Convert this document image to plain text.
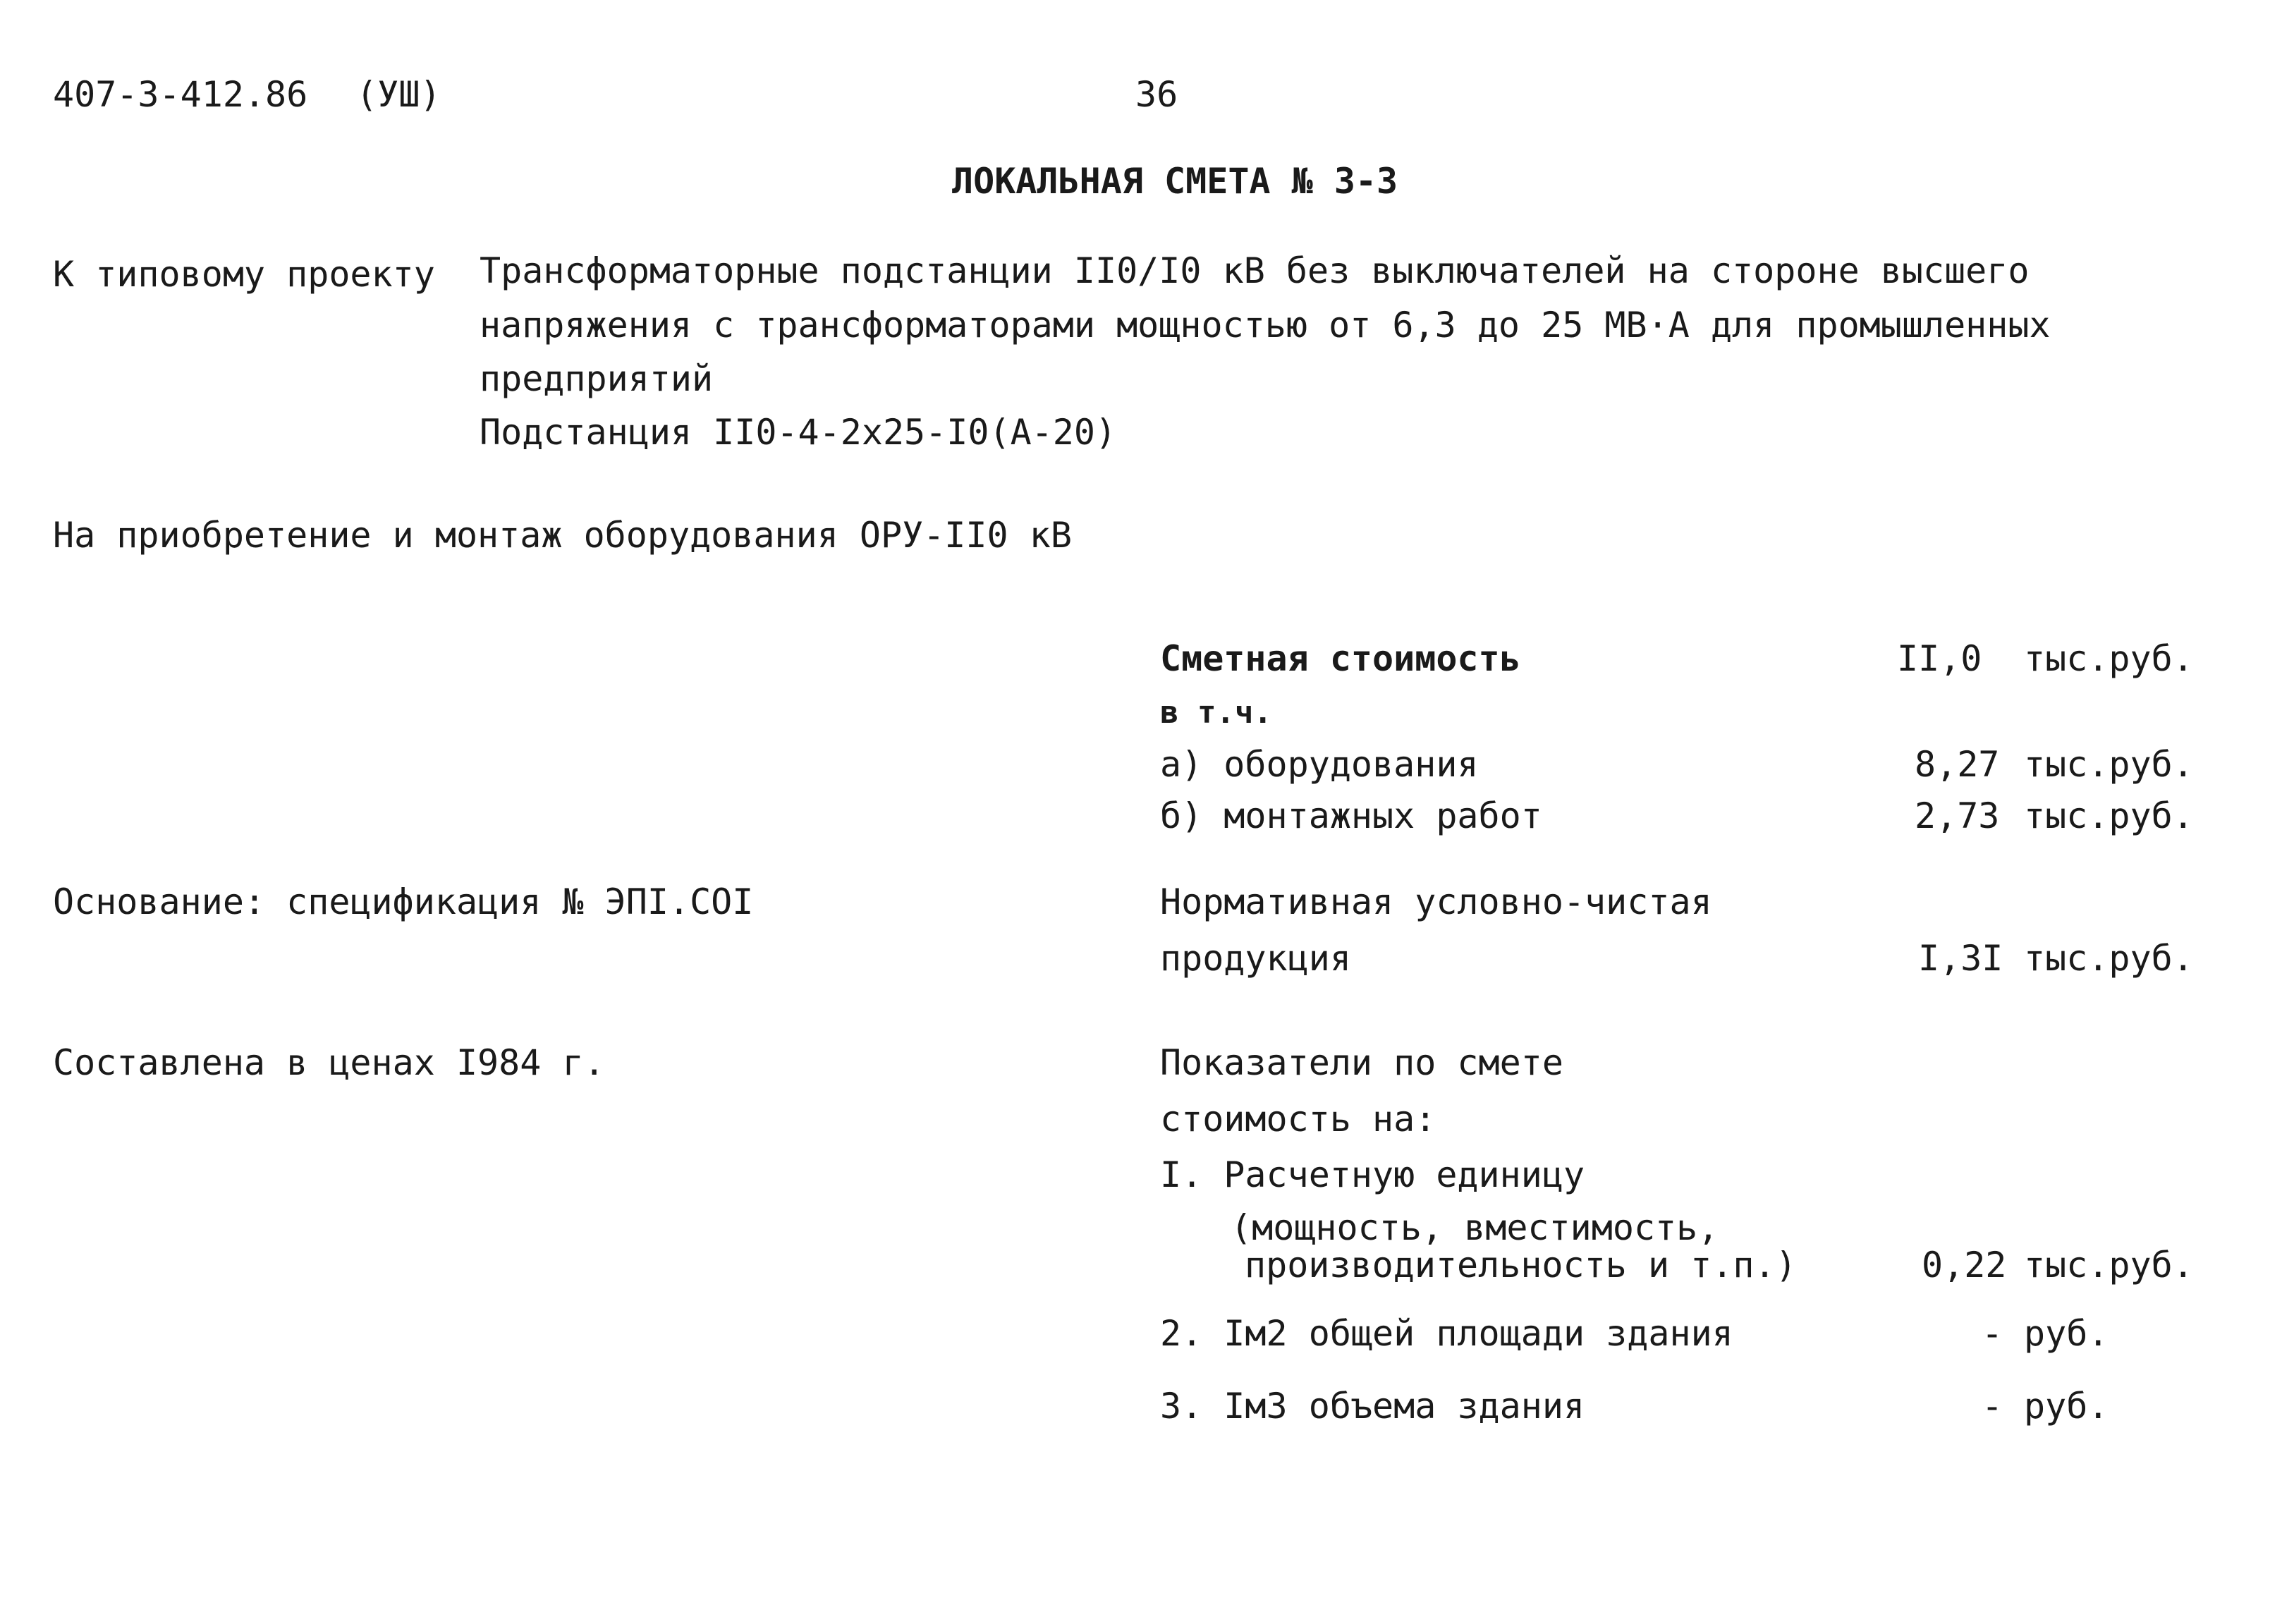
407-3-412.86 (УШ)	36
ЛОКАЛЬНАЯ СМЕТА № 3-3
К типовому проекту Трансформаторные подстанции II0/I0 кВ без выключателей на стороне высшего
напряжения с трансформаторами мощностью от 6,3 до 25 МВ·А для промышленных
предприятий
Подстанция II0-4-2х25-I0(А-20)
На приобретение и монтаж оборудования ОРУ-II0 кВ
Сметная стоимость	II,0 тыс.руб.
в т.ч.
а) оборудования	8,27 тыс.руб.
б) монтажных работ	2,73 тыс.руб.
Основание: спецификация № ЭПI.COI	Нормативная условно-чистая
продукция	I,3I тыс.руб.
Составлена в ценах I984 г.	Показатели по смете
стоимость на:
I. Расчетную единицу
(мощность, вместимость,
производительность и т.п.)	0,22 тыс.руб.
2. Iм2 общей площади здания	- руб.
3. Iм3 объема здания	- руб.
